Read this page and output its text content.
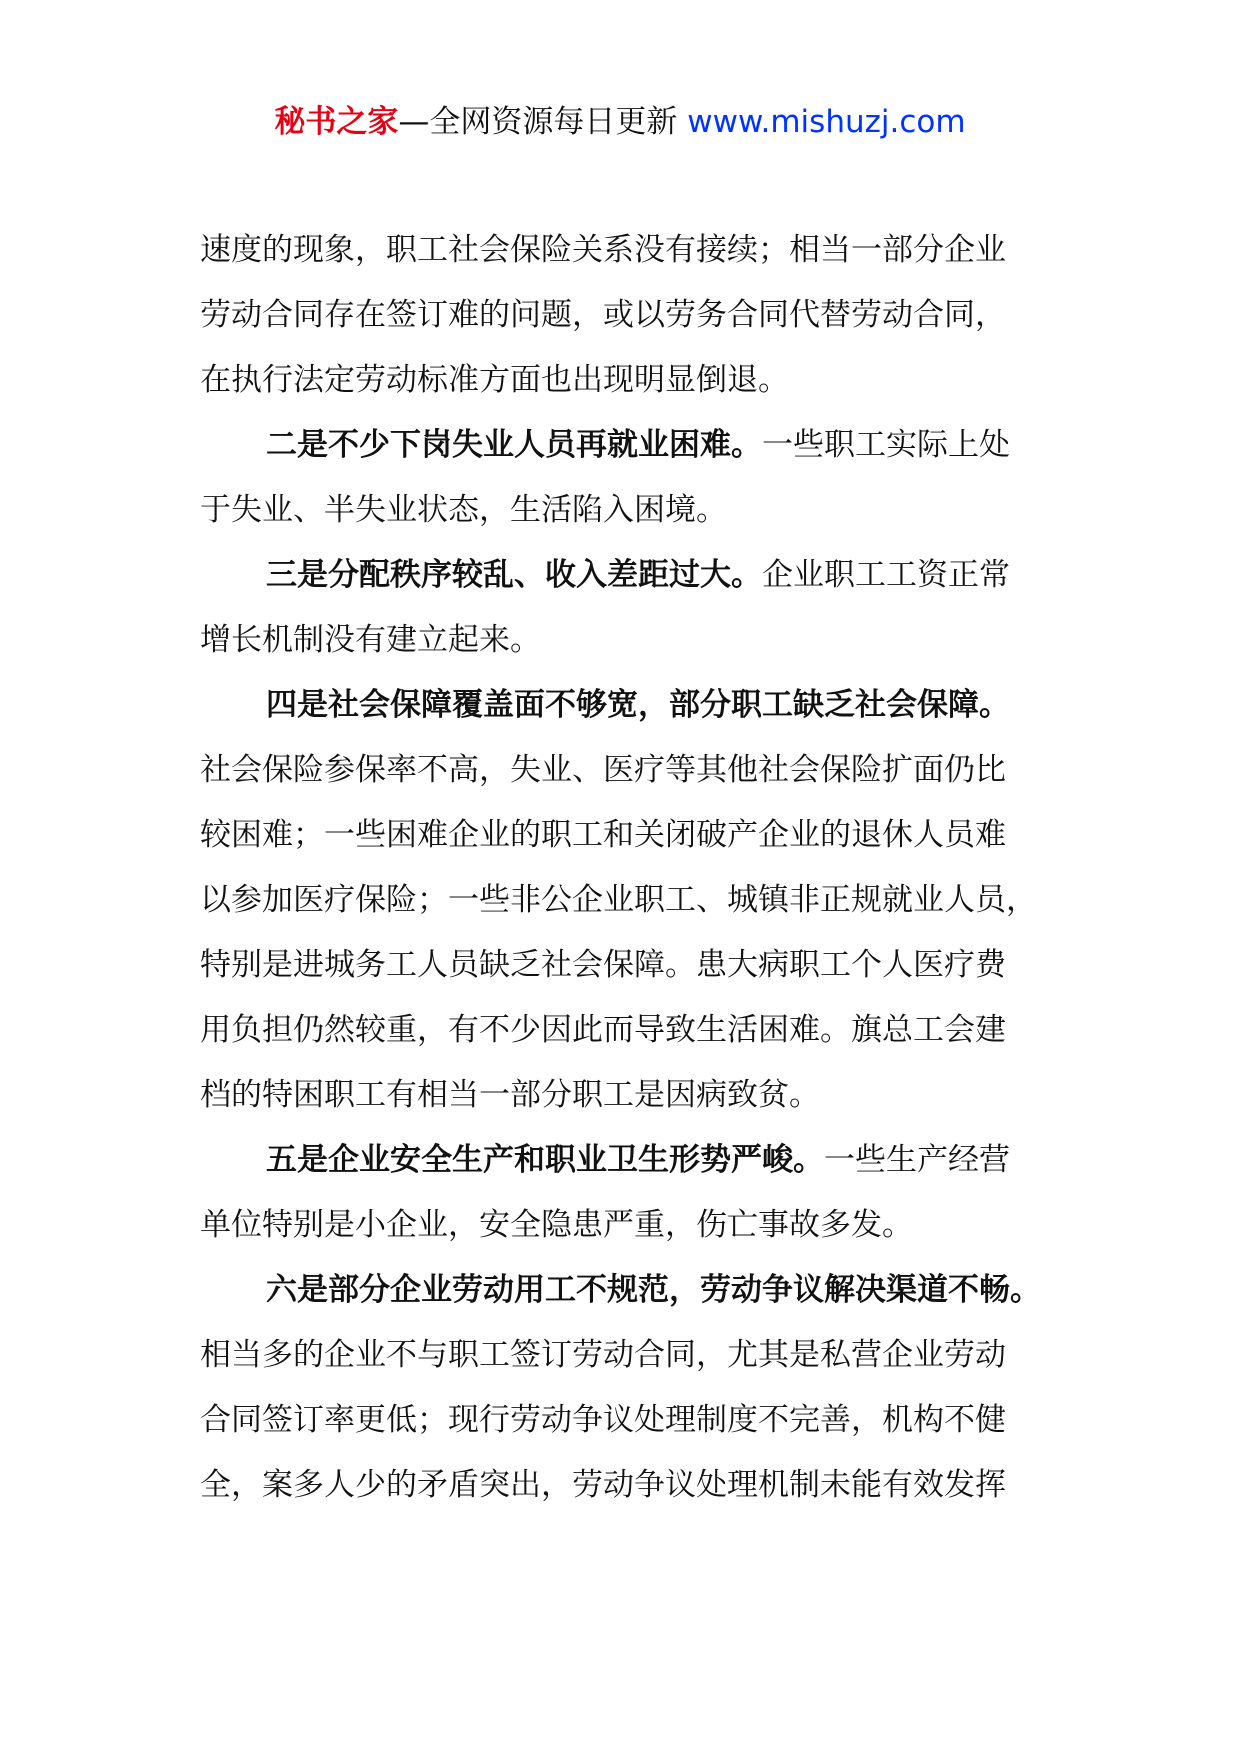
秘书之家—全网资源每日更新 www.mishuzj.com
速度的现象，职工社会保险关系没有接续；相当一部分企业
劳动合同存在签订难的问题，或以劳务合同代替劳动合同，
在执行法定劳动标准方面也出现明显倒退。
二是不少下岗失业人员再就业困难。一些职工实际上处
于失业、半失业状态，生活陷入困境。
三是分配秩序较乱、收入差距过大。企业职工工资正常
增长机制没有建立起来。
四是社会保障覆盖面不够宽，部分职工缺乏社会保障。
社会保险参保率不高，失业、医疗等其他社会保险扩面仍比
较困难；一些困难企业的职工和关闭破产企业的退休人员难
以参加医疗保险；一些非公企业职工、城镇非正规就业人员，
特别是进城务工人员缺乏社会保障。患大病职工个人医疗费
用负担仍然较重，有不少因此而导致生活困难。旗总工会建
档的特困职工有相当一部分职工是因病致贫。
五是企业安全生产和职业卫生形势严峻。一些生产经营
单位特别是小企业，安全隐患严重，伤亡事故多发。
六是部分企业劳动用工不规范，劳动争议解决渠道不畅。
相当多的企业不与职工签订劳动合同，尤其是私营企业劳动
合同签订率更低；现行劳动争议处理制度不完善，机构不健
全，案多人少的矛盾突出，劳动争议处理机制未能有效发挥
